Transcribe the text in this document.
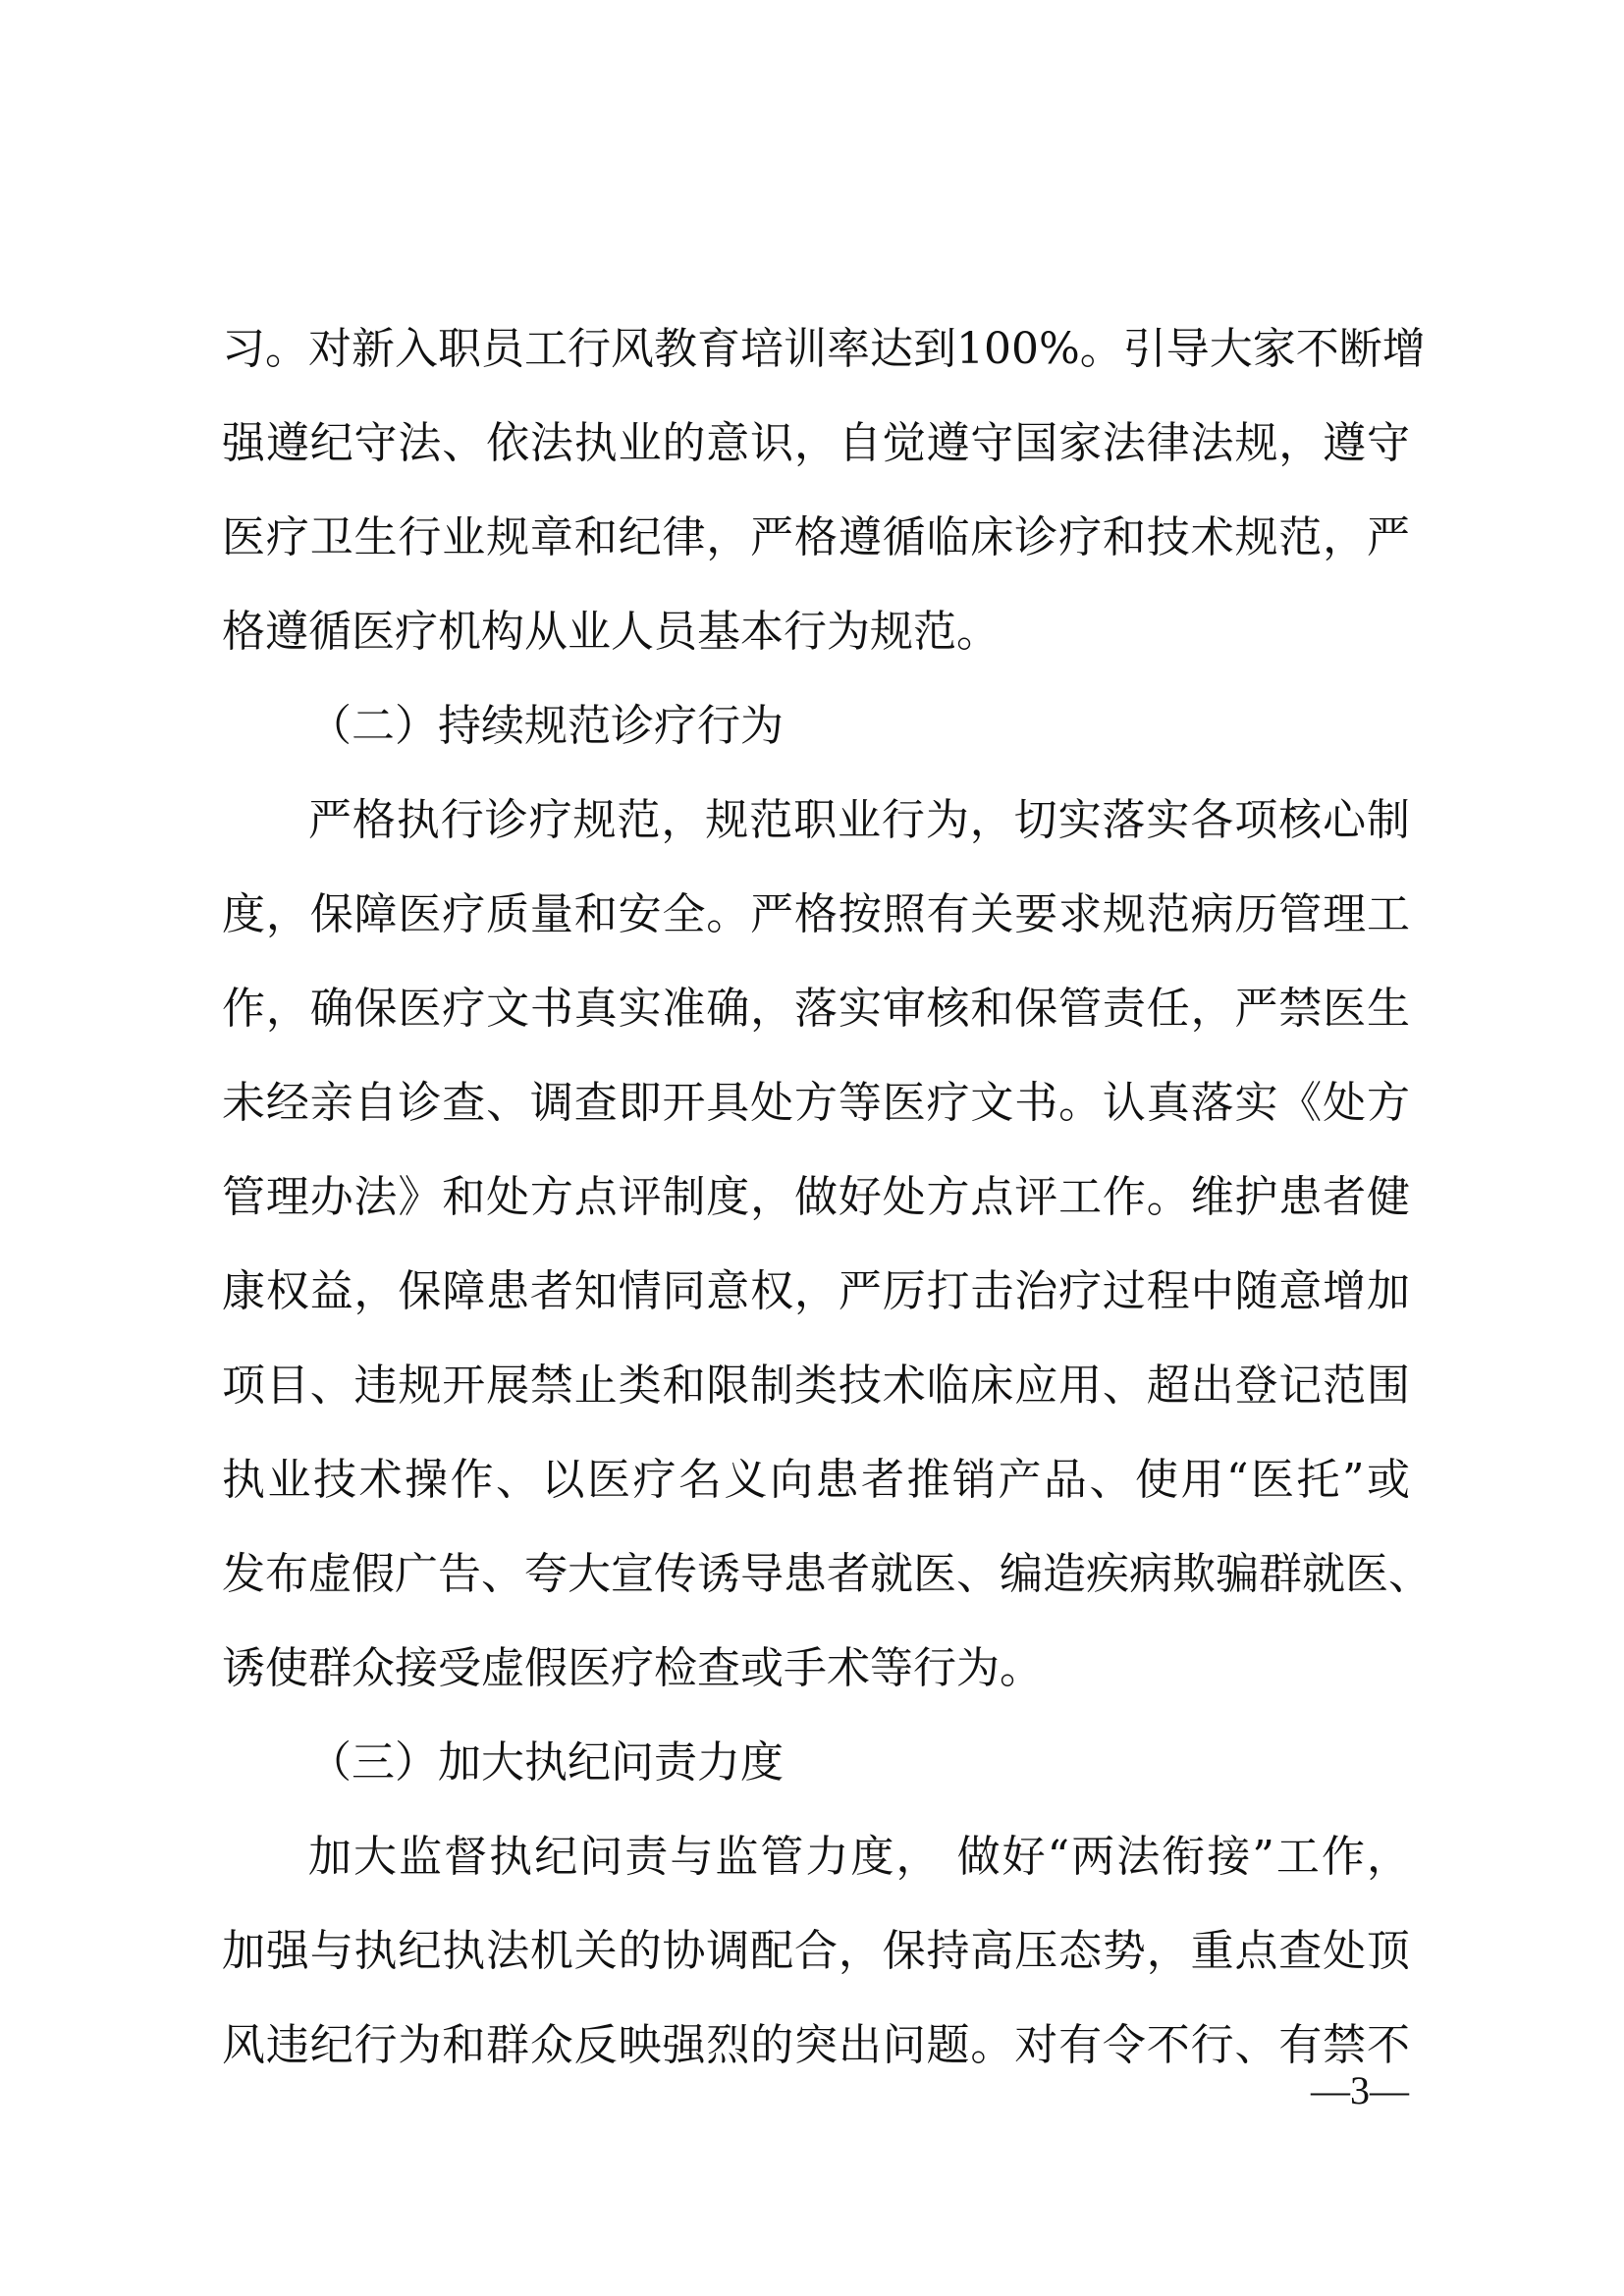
习。对新入职员工行风教育培训率达到100%。引导大家不断增
强遵纪守法、依法执业的意识，自觉遵守国家法律法规，遵守
医疗卫生行业规章和纪律，严格遵循临床诊疗和技术规范，严
格遵循医疗机构从业人员基本行为规范。
（二）持续规范诊疗行为
严格执行诊疗规范，规范职业行为，切实落实各项核心制
度，保障医疗质量和安全。严格按照有关要求规范病历管理工
作，确保医疗文书真实准确，落实审核和保管责任，严禁医生
未经亲自诊查、调查即开具处方等医疗文书。认真落实《处方
管理办法》和处方点评制度，做好处方点评工作。维护患者健
康权益，保障患者知情同意权，严厉打击治疗过程中随意增加
项目、违规开展禁止类和限制类技术临床应用、超出登记范围
执业技术操作、以医疗名义向患者推销产品、使用“医托”或
发布虚假广告、夸大宣传诱导患者就医、编造疾病欺骗群就医、
诱使群众接受虚假医疗检查或手术等行为。
（三）加大执纪问责力度
加大监督执纪问责与监管力度， 做好“两法衔接”工作，
加强与执纪执法机关的协调配合，保持高压态势，重点查处顶
风违纪行为和群众反映强烈的突出问题。对有令不行、有禁不
—3—
